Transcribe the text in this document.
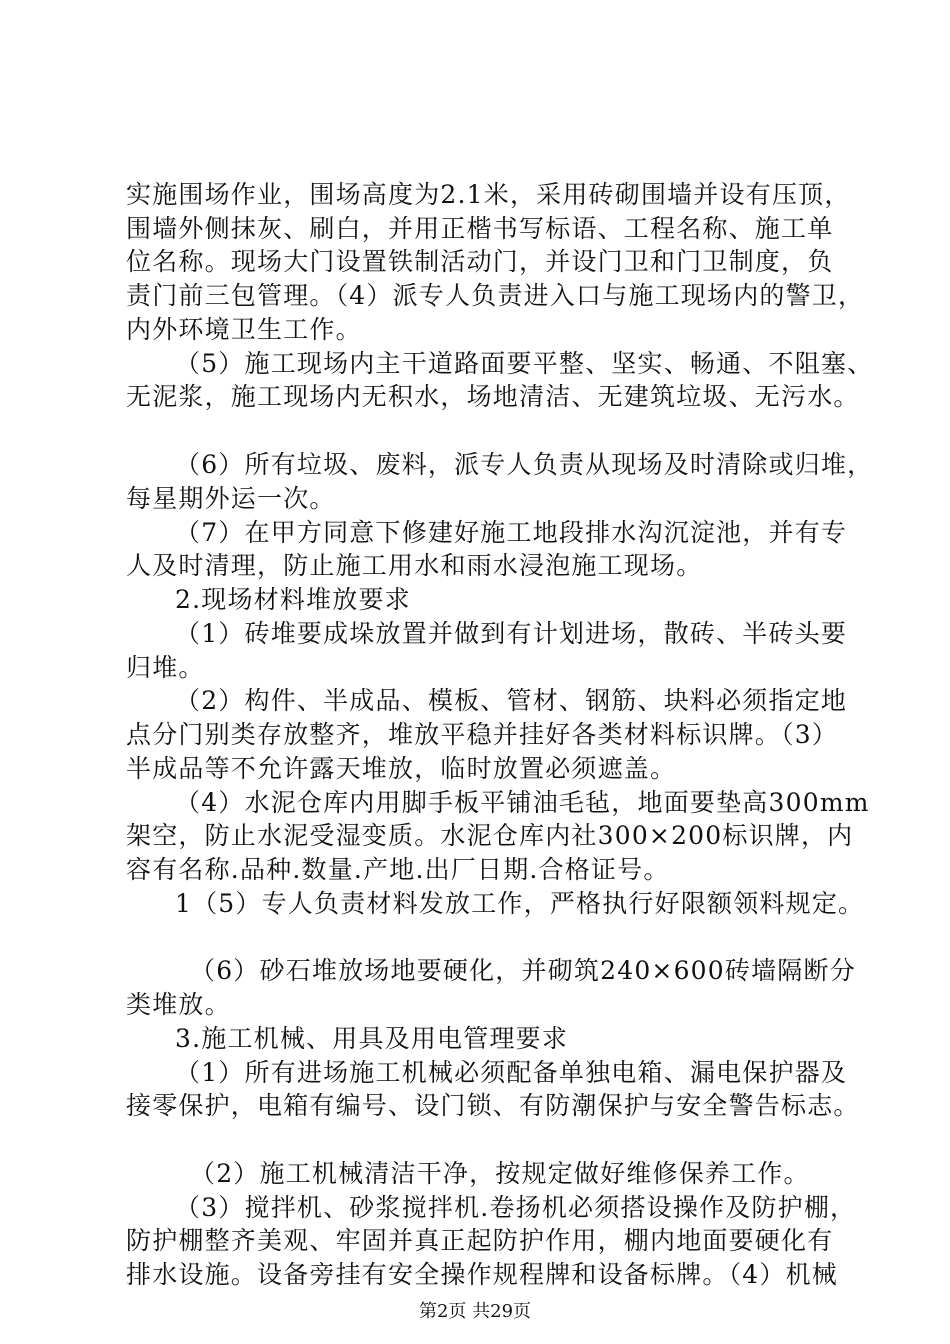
实施围场作业，围场高度为2.1米，采用砖砌围墙并设有压顶，
围墙外侧抹灰、刷白，并用正楷书写标语、工程名称、施工单
位名称。现场大门设置铁制活动门，并设门卫和门卫制度，负
责门前三包管理。（4）派专人负责进入口与施工现场内的警卫，
内外环境卫生工作。
（5）施工现场内主干道路面要平整、坚实、畅通、不阻塞、
无泥浆，施工现场内无积水，场地清洁、无建筑垃圾、无污水。
（6）所有垃圾、废料，派专人负责从现场及时清除或归堆，
每星期外运一次。
（7）在甲方同意下修建好施工地段排水沟沉淀池，并有专
人及时清理，防止施工用水和雨水浸泡施工现场。
2.现场材料堆放要求
（1）砖堆要成垛放置并做到有计划进场，散砖、半砖头要
归堆。
（2）构件、半成品、模板、管材、钢筋、块料必须指定地
点分门别类存放整齐，堆放平稳并挂好各类材料标识牌。（3）
半成品等不允许露天堆放，临时放置必须遮盖。
（4）水泥仓库内用脚手板平铺油毛毡，地面要垫高300mm
架空，防止水泥受湿变质。水泥仓库内社300×200标识牌，内
容有名称.品种.数量.产地.出厂日期.合格证号。
1（5）专人负责材料发放工作，严格执行好限额领料规定。
（6）砂石堆放场地要硬化，并砌筑240×600砖墙隔断分
类堆放。
3.施工机械、用具及用电管理要求
（1）所有进场施工机械必须配备单独电箱、漏电保护器及
接零保护，电箱有编号、设门锁、有防潮保护与安全警告标志。
（2）施工机械清洁干净，按规定做好维修保养工作。
（3）搅拌机、砂浆搅拌机.卷扬机必须搭设操作及防护棚，
防护棚整齐美观、牢固并真正起防护作用，棚内地面要硬化有
排水设施。设备旁挂有安全操作规程牌和设备标牌。（4）机械
第2页 共29页
